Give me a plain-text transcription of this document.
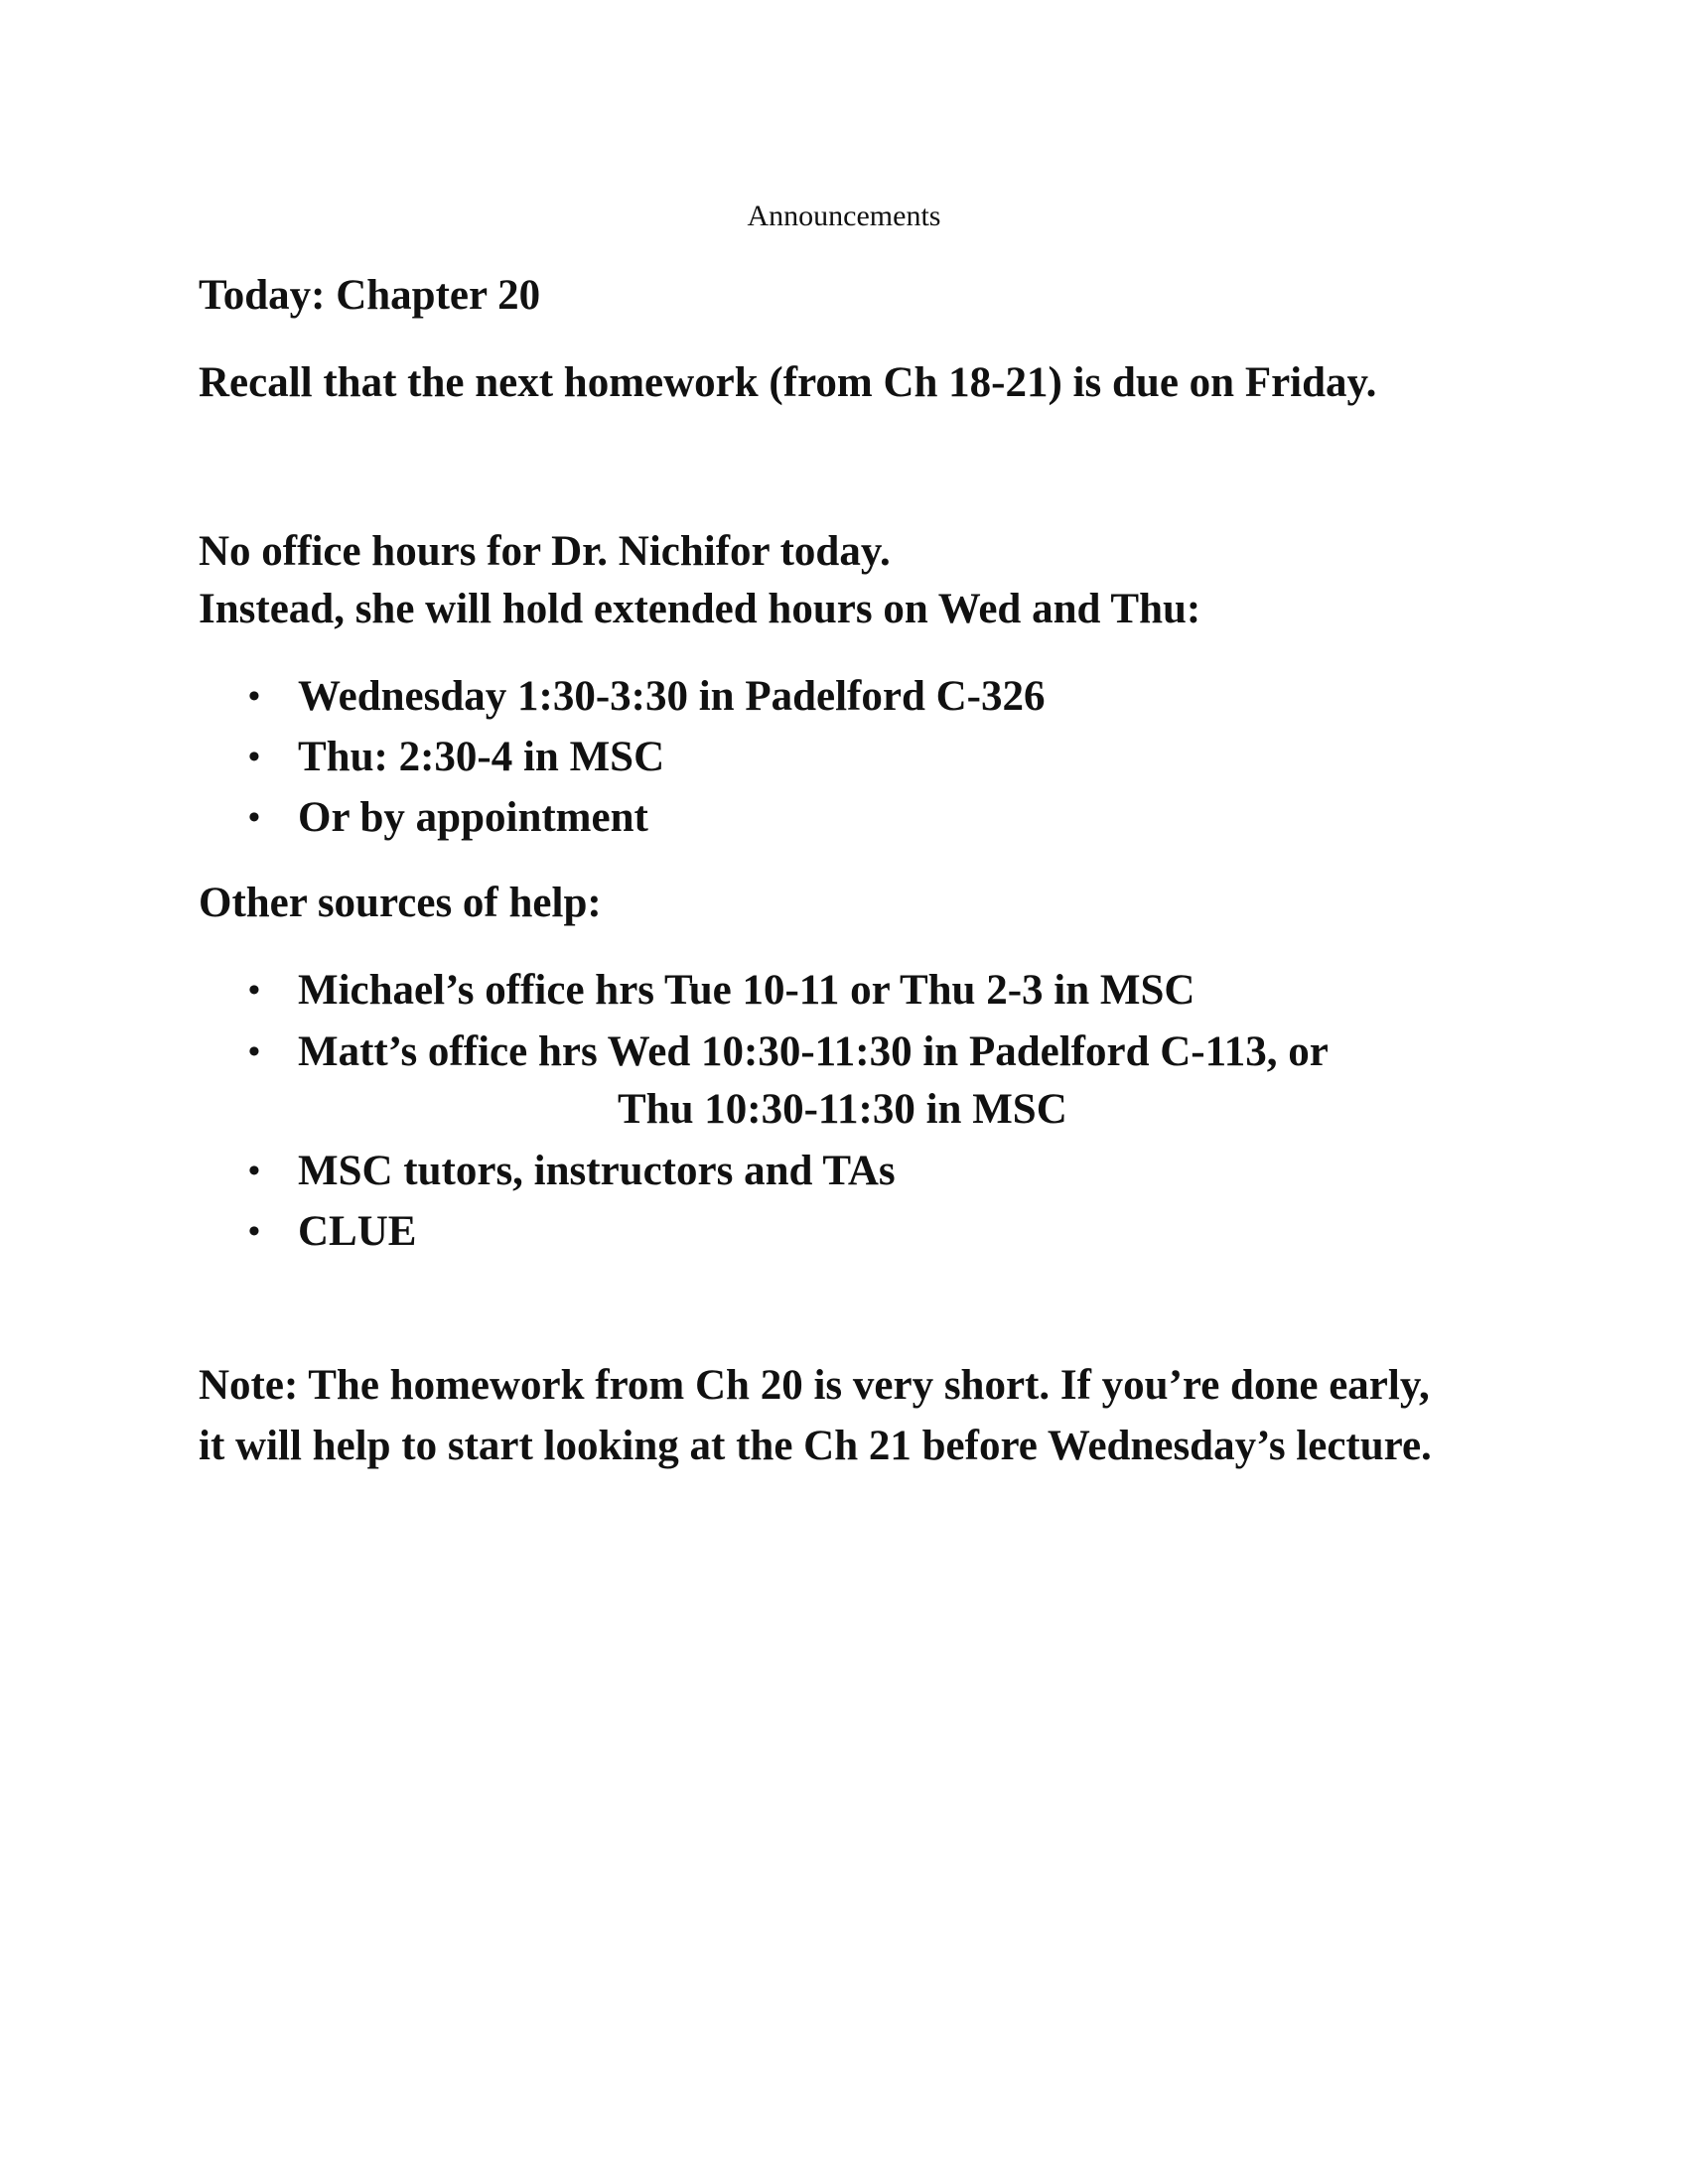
Announcements

Today: Chapter 20

Recall that the next homework (from Ch 18-21) is due on Friday.

No office hours for Dr. Nichifor today.

Instead, she will hold extended hours on Wed and Thu:

• Wednesday 1:30-3:30 in Padelford C-326
• Thu: 2:30-4 in MSC
• Or by appointment

Other sources of help:

• Michael’s office hrs Tue 10-11 or Thu 2-3 in MSC
• Matt’s office hrs Wed 10:30-11:30 in Padelford C-113, or

Thu 10:30-11:30 in MSC

• MSC tutors, instructors and TAs
• CLUE

Note: The homework from Ch 20 is very short. If you’re done early,

it will help to start looking at the Ch 21 before Wednesday’s lecture.
